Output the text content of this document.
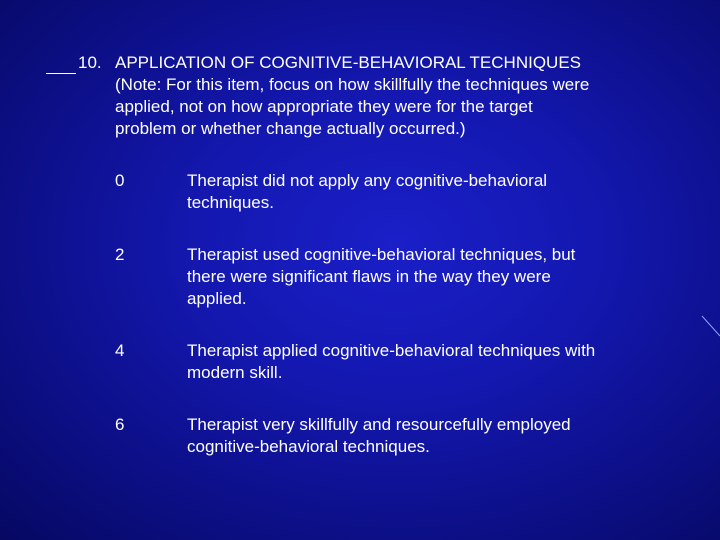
10. APPLICATION OF COGNITIVE-BEHAVIORAL TECHNIQUES
(Note: For this item, focus on how skillfully the techniques were
applied, not on how appropriate they were for the target
problem or whether change actually occurred.)
0	Therapist did not apply any cognitive-behavioral
techniques.
2	Therapist used cognitive-behavioral techniques, but
there were significant flaws in the way they were
applied.
4	Therapist applied cognitive-behavioral techniques with
modern skill.
6	Therapist very skillfully and resourcefully employed
cognitive-behavioral techniques.
